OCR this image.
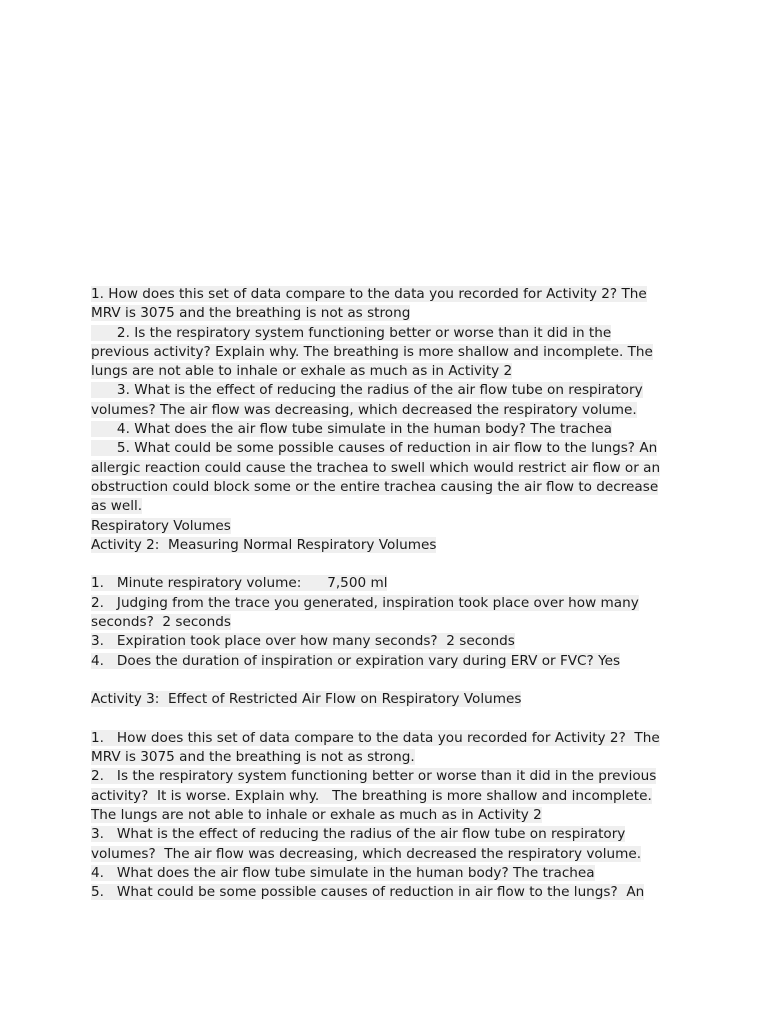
1. How does this set of data compare to the data you recorded for Activity 2? The
MRV is 3075 and the breathing is not as strong
2. Is the respiratory system functioning better or worse than it did in the
previous activity? Explain why. The breathing is more shallow and incomplete. The
lungs are not able to inhale or exhale as much as in Activity 2
3. What is the effect of reducing the radius of the air flow tube on respiratory
volumes? The air flow was decreasing, which decreased the respiratory volume.
4. What does the air flow tube simulate in the human body? The trachea
5. What could be some possible causes of reduction in air flow to the lungs? An
allergic reaction could cause the trachea to swell which would restrict air flow or an
obstruction could block some or the entire trachea causing the air flow to decrease
as well.
Respiratory Volumes
Activity 2:  Measuring Normal Respiratory Volumes
1.   Minute respiratory volume:      7,500 ml
2.   Judging from the trace you generated, inspiration took place over how many
seconds?  2 seconds
3.   Expiration took place over how many seconds?  2 seconds
4.   Does the duration of inspiration or expiration vary during ERV or FVC? Yes
Activity 3:  Effect of Restricted Air Flow on Respiratory Volumes
1.   How does this set of data compare to the data you recorded for Activity 2?  The
MRV is 3075 and the breathing is not as strong.
2.   Is the respiratory system functioning better or worse than it did in the previous
activity?  It is worse. Explain why.   The breathing is more shallow and incomplete.
The lungs are not able to inhale or exhale as much as in Activity 2
3.   What is the effect of reducing the radius of the air flow tube on respiratory
volumes?  The air flow was decreasing, which decreased the respiratory volume.
4.   What does the air flow tube simulate in the human body? The trachea
5.   What could be some possible causes of reduction in air flow to the lungs?  An
